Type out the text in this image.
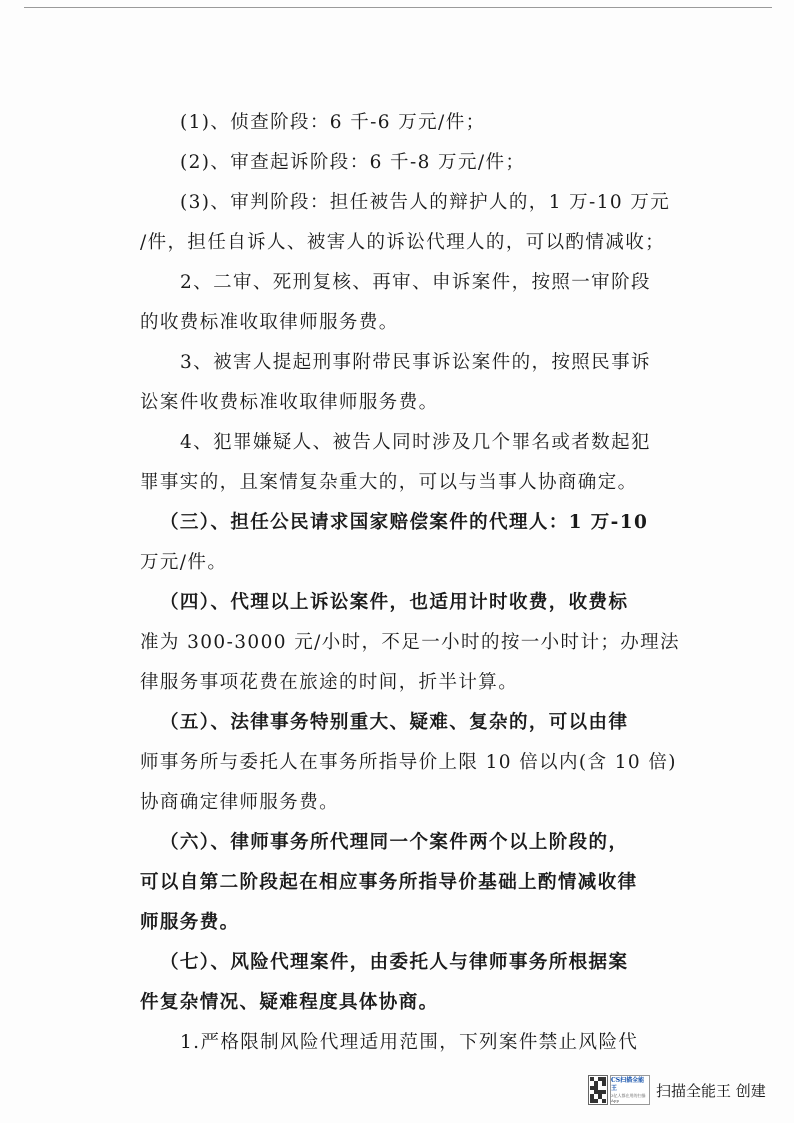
(1)、侦查阶段：6 千-6 万元/件；
(2)、审查起诉阶段：6 千-8 万元/件；
(3)、审判阶段：担任被告人的辩护人的，1 万-10 万元
/件，担任自诉人、被害人的诉讼代理人的，可以酌情减收；
2、二审、死刑复核、再审、申诉案件，按照一审阶段
的收费标准收取律师服务费。
3、被害人提起刑事附带民事诉讼案件的，按照民事诉
讼案件收费标准收取律师服务费。
4、犯罪嫌疑人、被告人同时涉及几个罪名或者数起犯
罪事实的，且案情复杂重大的，可以与当事人协商确定。
（三）、担任公民请求国家赔偿案件的代理人：1 万-10
万元/件。
（四）、代理以上诉讼案件，也适用计时收费，收费标
准为 300-3000 元/小时，不足一小时的按一小时计；办理法
律服务事项花费在旅途的时间，折半计算。
（五）、法律事务特别重大、疑难、复杂的，可以由律
师事务所与委托人在事务所指导价上限 10 倍以内(含 10 倍)
协商确定律师服务费。
（六）、律师事务所代理同一个案件两个以上阶段的，
可以自第二阶段起在相应事务所指导价基础上酌情减收律
师服务费。
（七）、风险代理案件，由委托人与律师事务所根据案
件复杂情况、疑难程度具体协商。
1.严格限制风险代理适用范围，下列案件禁止风险代
CS扫描全能王
3亿人都在用的扫描App
扫描全能王 创建
